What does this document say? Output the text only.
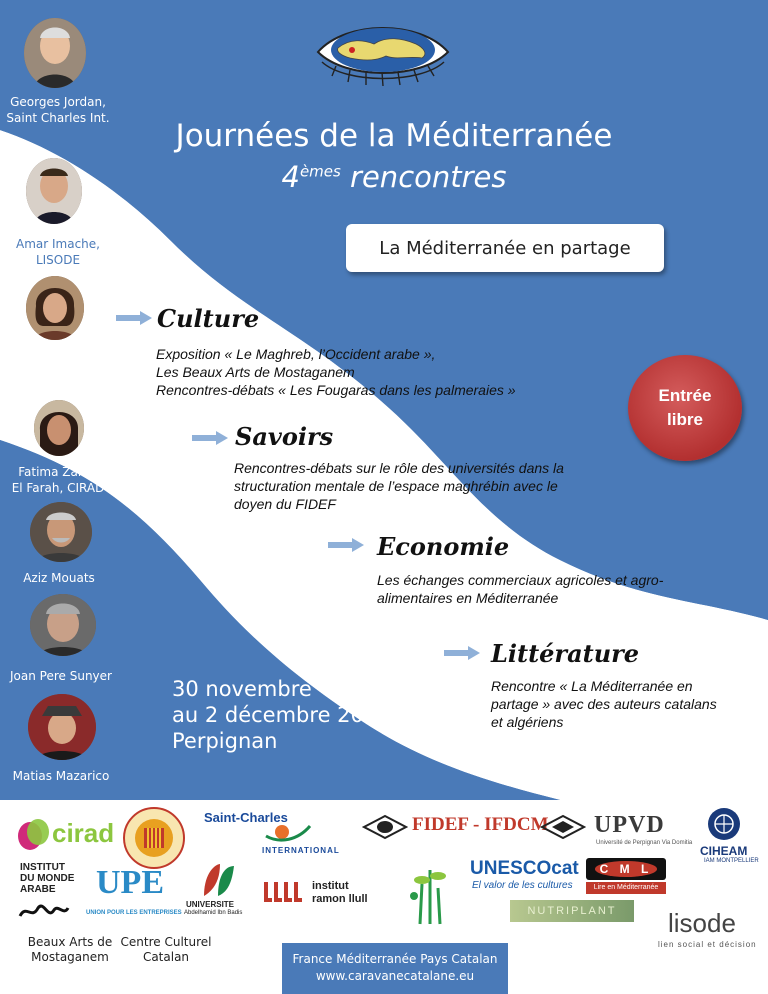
Georges Jordan,
Saint Charles Int.
Amar Imache,
LISODE
Fatima El Haddad-
Gauthier, IAMM
Fatima Zahra
El Farah, CIRAD
Aziz Mouats
Joan Pere Sunyer
Matias Mazarico
Journées de la Méditerranée
4èmes rencontres
La Méditerranée en partage
Culture
Exposition « Le Maghreb, l’Occident arabe »,
Les Beaux Arts de Mostaganem
Rencontres-débats « Les Fougaras dans les palmeraies »	Entrée
libre
Savoirs
Rencontres-débats sur le rôle des universités dans la
structuration mentale de l’espace maghrébin avec le
doyen du FIDEF
Economie
Les échanges commerciaux agricoles et agro-
alimentaires en Méditerranée
Littérature
Rencontre « La Méditerranée en
partage » avec des auteurs catalans
et algériens
30 novembre
au 2 décembre 2010
Perpignan
cirad
Saint-Charles
INTERNATIONAL
FIDEF - IFDCM UPVD
Université de Perpignan Via Domitia
CIHEAM
IAM MONTPELLIER
INSTITUT
DU MONDE
ARABE	UPE
UNION POUR LES ENTREPRISES
UNIVERSITE
Abdelhamid Ibn Badis
institut
ramon llull
UNESCOcat
El valor de les cultures
C M L
Lire en Méditerranée
NUTRIPLANT	lisode
lien social et décision
Beaux Arts de
Mostaganem
Centre Culturel
Catalan	France Méditerranée Pays Catalan
www.caravanecatalane.eu
